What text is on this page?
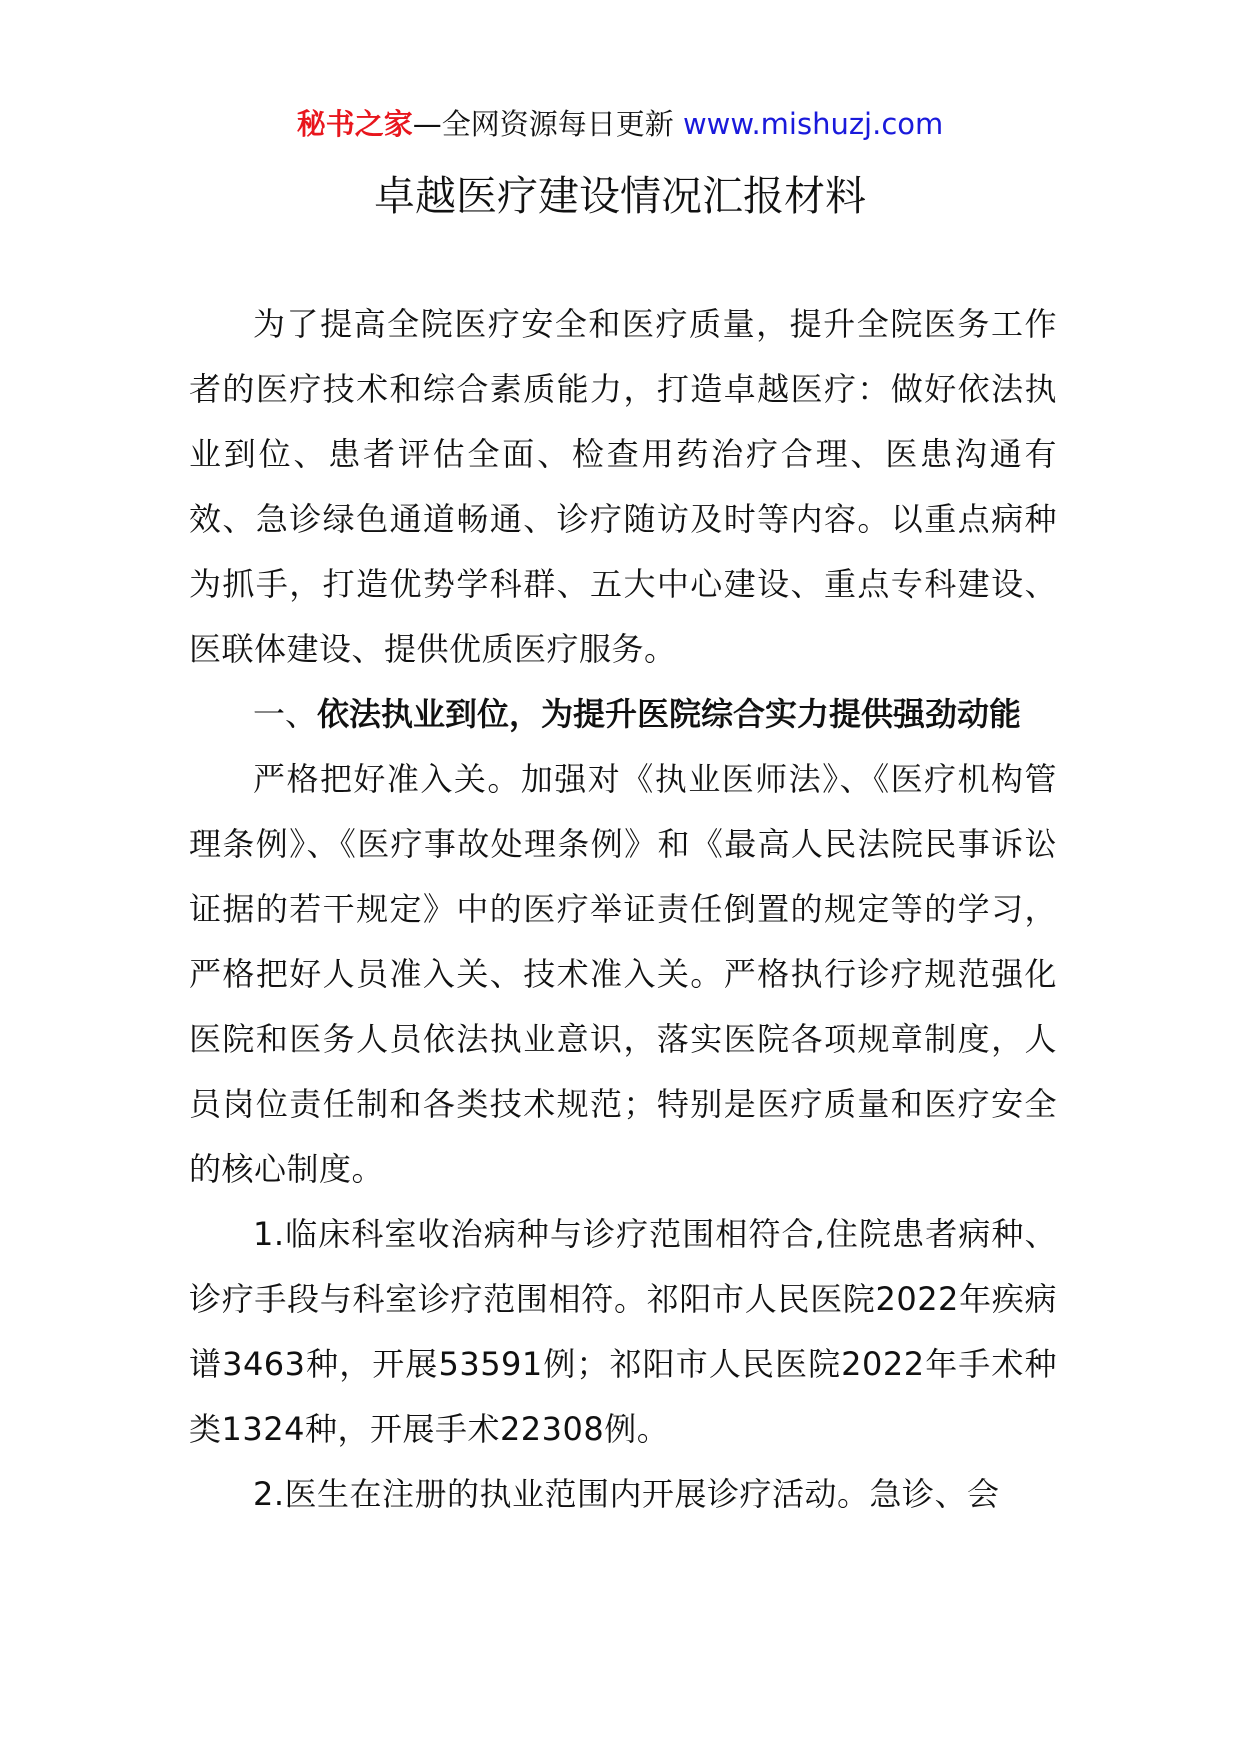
秘书之家—全网资源每日更新 www.mishuzj.com
卓越医疗建设情况汇报材料

为了提高全院医疗安全和医疗质量，提升全院医务工作者的医疗技术和综合素质能力，打造卓越医疗：做好依法执业到位、患者评估全面、检查用药治疗合理、医患沟通有效、急诊绿色通道畅通、诊疗随访及时等内容。以重点病种为抓手，打造优势学科群、五大中心建设、重点专科建设、医联体建设、提供优质医疗服务。

一、依法执业到位，为提升医院综合实力提供强劲动能

严格把好准入关。加强对《执业医师法》、《医疗机构管理条例》、《医疗事故处理条例》和《最高人民法院民事诉讼证据的若干规定》中的医疗举证责任倒置的规定等的学习，严格把好人员准入关、技术准入关。严格执行诊疗规范强化医院和医务人员依法执业意识，落实医院各项规章制度，人员岗位责任制和各类技术规范；特别是医疗质量和医疗安全的核心制度。

1.临床科室收治病种与诊疗范围相符合,住院患者病种、诊疗手段与科室诊疗范围相符。祁阳市人民医院2022年疾病谱3463种，开展53591例；祁阳市人民医院2022年手术种类1324种，开展手术22308例。

2.医生在注册的执业范围内开展诊疗活动。急诊、会
